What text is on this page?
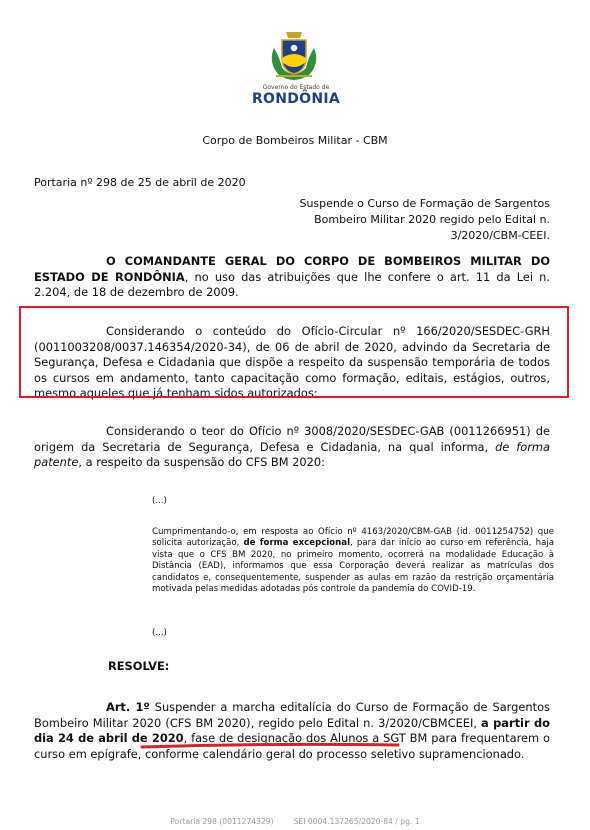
Governo do Estado de
RONDÔNIA
Corpo de Bombeiros Militar - CBM
Portaria nº 298 de 25 de abril de 2020
Suspende o Curso de Formação de Sargentos Bombeiro Militar 2020 regido pelo Edital n. 3/2020/CBM-CEEI.
O COMANDANTE GERAL DO CORPO DE BOMBEIROS MILITAR DO ESTADO DE RONDÔNIA, no uso das atribuições que lhe confere o art. 11 da Lei n. 2.204, de 18 de dezembro de 2009.
Considerando o conteúdo do Ofício-Circular nº 166/2020/SESDEC-GRH (0011003208/0037.146354/2020-34), de 06 de abril de 2020, advindo da Secretaria de Segurança, Defesa e Cidadania que dispõe a respeito da suspensão temporária de todos os cursos em andamento, tanto capacitação como formação, editais, estágios, outros, mesmo aqueles que já tenham sidos autorizados;
Considerando o teor do Ofício nº 3008/2020/SESDEC-GAB (0011266951) de origem da Secretaria de Segurança, Defesa e Cidadania, na qual informa, de forma patente, a respeito da suspensão do CFS BM 2020:
(...)
Cumprimentando-o, em resposta ao Ofício nº 4163/2020/CBM-GAB (id. 0011254752) que solicita autorização, de forma excepcional, para dar início ao curso em referência, haja vista que o CFS BM 2020, no primeiro momento, ocorrerá na modalidade Educação à Distância (EAD), informamos que essa Corporação deverá realizar as matrículas dos candidatos e, consequentemente, suspender as aulas em razão da restrição orçamentária motivada pelas medidas adotadas pós controle da pandemia do COVID-19.
(...)
RESOLVE:
Art. 1º Suspender a marcha editalícia do Curso de Formação de Sargentos Bombeiro Militar 2020 (CFS BM 2020), regido pelo Edital n. 3/2020/CBMCEEI, a partir do dia 24 de abril de 2020, fase de designação dos Alunos a SGT BM para frequentarem o curso em epígrafe, conforme calendário geral do processo seletivo supramencionado.
Portaria 298 (0011274329)	SEI 0004.137265/2020-84 / pg. 1
